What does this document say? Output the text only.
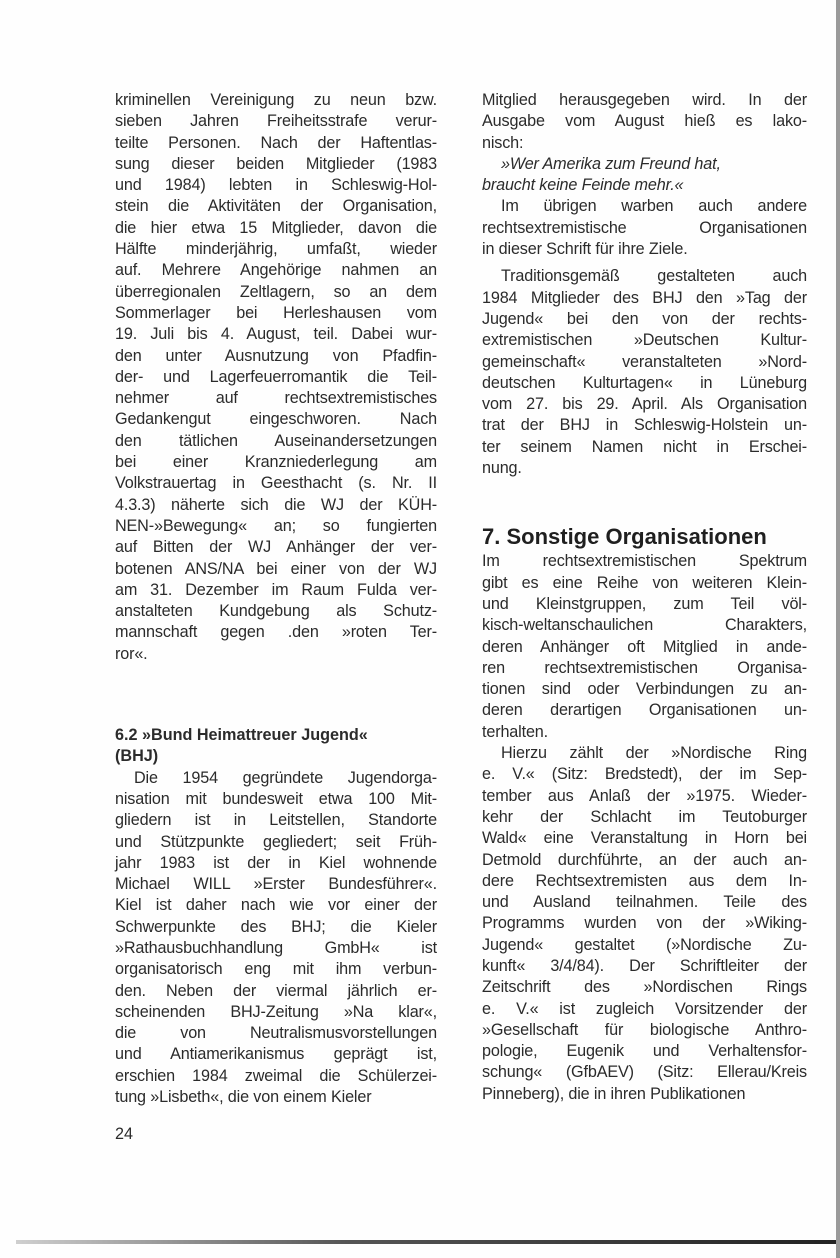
kriminellen Vereinigung zu neun bzw.
sieben Jahren Freiheitsstrafe verur-
teilte Personen. Nach der Haftentlas-
sung dieser beiden Mitglieder (1983
und 1984) lebten in Schleswig-Hol-
stein die Aktivitäten der Organisation,
die hier etwa 15 Mitglieder, davon die
Hälfte minderjährig, umfaßt, wieder
auf. Mehrere Angehörige nahmen an
überregionalen Zeltlagern, so an dem
Sommerlager bei Herleshausen vom
19. Juli bis 4. August, teil. Dabei wur-
den unter Ausnutzung von Pfadfin-
der- und Lagerfeuerromantik die Teil-
nehmer auf rechtsextremistisches
Gedankengut eingeschworen. Nach
den tätlichen Auseinandersetzungen
bei einer Kranzniederlegung am
Volkstrauertag in Geesthacht (s. Nr. II
4.3.3) näherte sich die WJ der KÜH-
NEN-»Bewegung« an; so fungierten
auf Bitten der WJ Anhänger der ver-
botenen ANS/NA bei einer von der WJ
am 31. Dezember im Raum Fulda ver-
anstalteten Kundgebung als Schutz-
mannschaft gegen .den »roten Ter-
ror«.
6.2 »Bund Heimattreuer Jugend«
(BHJ)
Die 1954 gegründete Jugendorga-
nisation mit bundesweit etwa 100 Mit-
gliedern ist in Leitstellen, Standorte
und Stützpunkte gegliedert; seit Früh-
jahr 1983 ist der in Kiel wohnende
Michael WILL »Erster Bundesführer«.
Kiel ist daher nach wie vor einer der
Schwerpunkte des BHJ; die Kieler
»Rathausbuchhandlung GmbH« ist
organisatorisch eng mit ihm verbun-
den. Neben der viermal jährlich er-
scheinenden BHJ-Zeitung »Na klar«,
die von Neutralismusvorstellungen
und Antiamerikanismus geprägt ist,
erschien 1984 zweimal die Schülerzei-
tung »Lisbeth«, die von einem Kieler
Mitglied herausgegeben wird. In der
Ausgabe vom August hieß es lako-
nisch:
»Wer Amerika zum Freund hat,
braucht keine Feinde mehr.«
Im übrigen warben auch andere
rechtsextremistische Organisationen
in dieser Schrift für ihre Ziele.
Traditionsgemäß gestalteten auch
1984 Mitglieder des BHJ den »Tag der
Jugend« bei den von der rechts-
extremistischen »Deutschen Kultur-
gemeinschaft« veranstalteten »Nord-
deutschen Kulturtagen« in Lüneburg
vom 27. bis 29. April. Als Organisation
trat der BHJ in Schleswig-Holstein un-
ter seinem Namen nicht in Erschei-
nung.
7. Sonstige Organisationen
Im rechtsextremistischen Spektrum
gibt es eine Reihe von weiteren Klein-
und Kleinstgruppen, zum Teil völ-
kisch-weltanschaulichen Charakters,
deren Anhänger oft Mitglied in ande-
ren rechtsextremistischen Organisa-
tionen sind oder Verbindungen zu an-
deren derartigen Organisationen un-
terhalten.
Hierzu zählt der »Nordische Ring
e. V.« (Sitz: Bredstedt), der im Sep-
tember aus Anlaß der »1975. Wieder-
kehr der Schlacht im Teutoburger
Wald« eine Veranstaltung in Horn bei
Detmold durchführte, an der auch an-
dere Rechtsextremisten aus dem In-
und Ausland teilnahmen. Teile des
Programms wurden von der »Wiking-
Jugend« gestaltet (»Nordische Zu-
kunft« 3/4/84). Der Schriftleiter der
Zeitschrift des »Nordischen Rings
e. V.« ist zugleich Vorsitzender der
»Gesellschaft für biologische Anthro-
pologie, Eugenik und Verhaltensfor-
schung« (GfbAEV) (Sitz: Ellerau/Kreis
Pinneberg), die in ihren Publikationen
24
